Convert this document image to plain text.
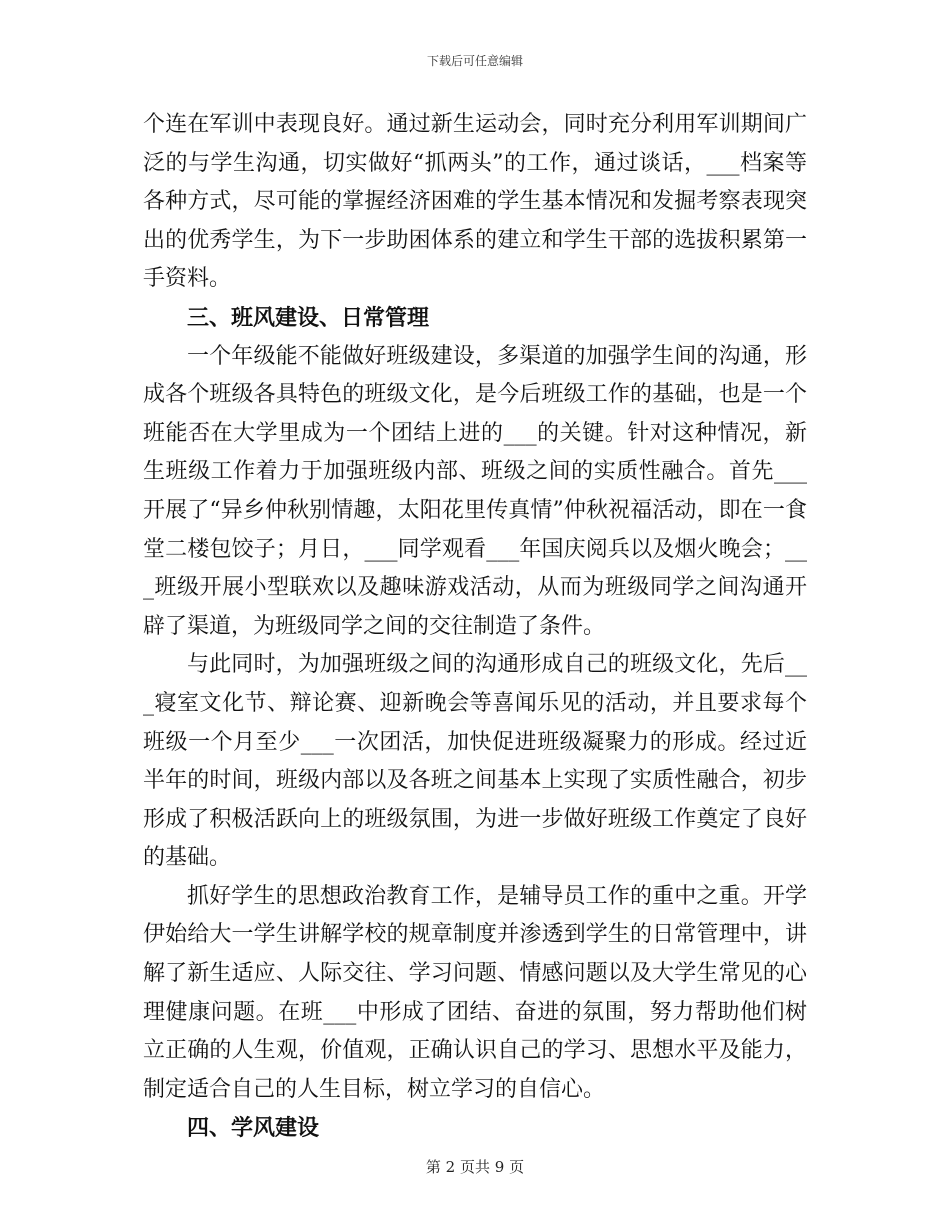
下载后可任意编辑

个连在军训中表现良好。通过新生运动会，同时充分利用军训期间广泛的与学生沟通，切实做好“抓两头”的工作，通过谈话，___档案等各种方式，尽可能的掌握经济困难的学生基本情况和发掘考察表现突出的优秀学生，为下一步助困体系的建立和学生干部的选拔积累第一手资料。

三、班风建设、日常管理

一个年级能不能做好班级建设，多渠道的加强学生间的沟通，形成各个班级各具特色的班级文化，是今后班级工作的基础，也是一个班能否在大学里成为一个团结上进的___的关键。针对这种情况，新生班级工作着力于加强班级内部、班级之间的实质性融合。首先___开展了“异乡仲秋别情趣，太阳花里传真情”仲秋祝福活动，即在一食堂二楼包饺子；月日，___同学观看___年国庆阅兵以及烟火晚会；___班级开展小型联欢以及趣味游戏活动，从而为班级同学之间沟通开辟了渠道，为班级同学之间的交往制造了条件。

与此同时，为加强班级之间的沟通形成自己的班级文化，先后___寝室文化节、辩论赛、迎新晚会等喜闻乐见的活动，并且要求每个班级一个月至少___一次团活，加快促进班级凝聚力的形成。经过近半年的时间，班级内部以及各班之间基本上实现了实质性融合，初步形成了积极活跃向上的班级氛围，为进一步做好班级工作奠定了良好的基础。

抓好学生的思想政治教育工作，是辅导员工作的重中之重。开学伊始给大一学生讲解学校的规章制度并渗透到学生的日常管理中，讲解了新生适应、人际交往、学习问题、情感问题以及大学生常见的心理健康问题。在班___中形成了团结、奋进的氛围，努力帮助他们树立正确的人生观，价值观，正确认识自己的学习、思想水平及能力，制定适合自己的人生目标，树立学习的自信心。

四、学风建设

第 2 页共 9 页
